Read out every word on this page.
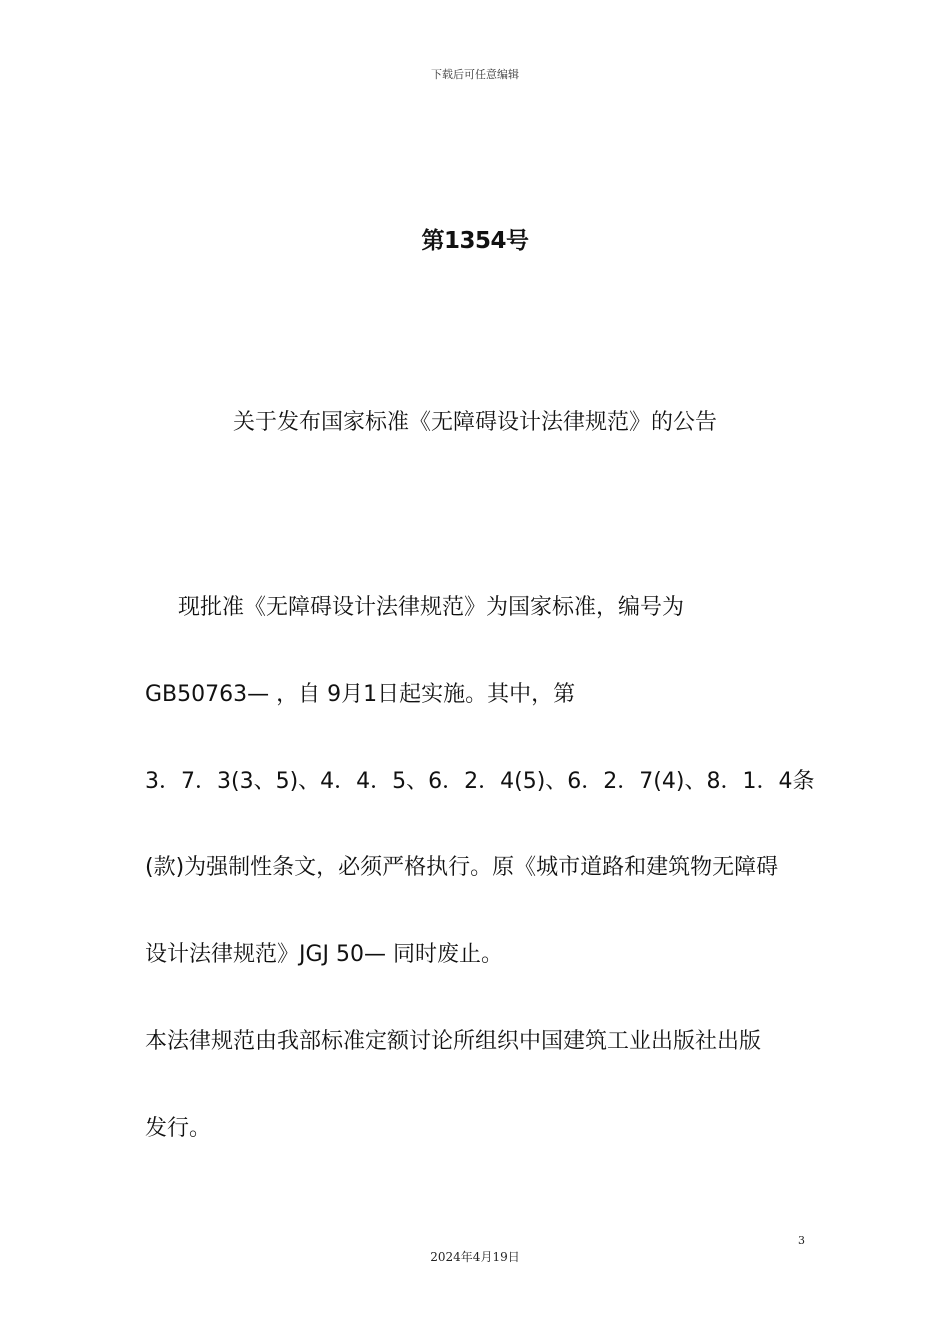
下载后可任意编辑
第1354号
关于发布国家标准《无障碍设计法律规范》的公告
现批准《无障碍设计法律规范》为国家标准，编号为
GB50763— ，自 9月1日起实施。其中，第
3．7．3(3、5)、4．4．5、6．2．4(5)、6．2．7(4)、8．1．4条
(款)为强制性条文，必须严格执行。原《城市道路和建筑物无障碍
设计法律规范》JGJ 50— 同时废止。
本法律规范由我部标准定额讨论所组织中国建筑工业出版社出版
发行。
3
2024年4月19日
